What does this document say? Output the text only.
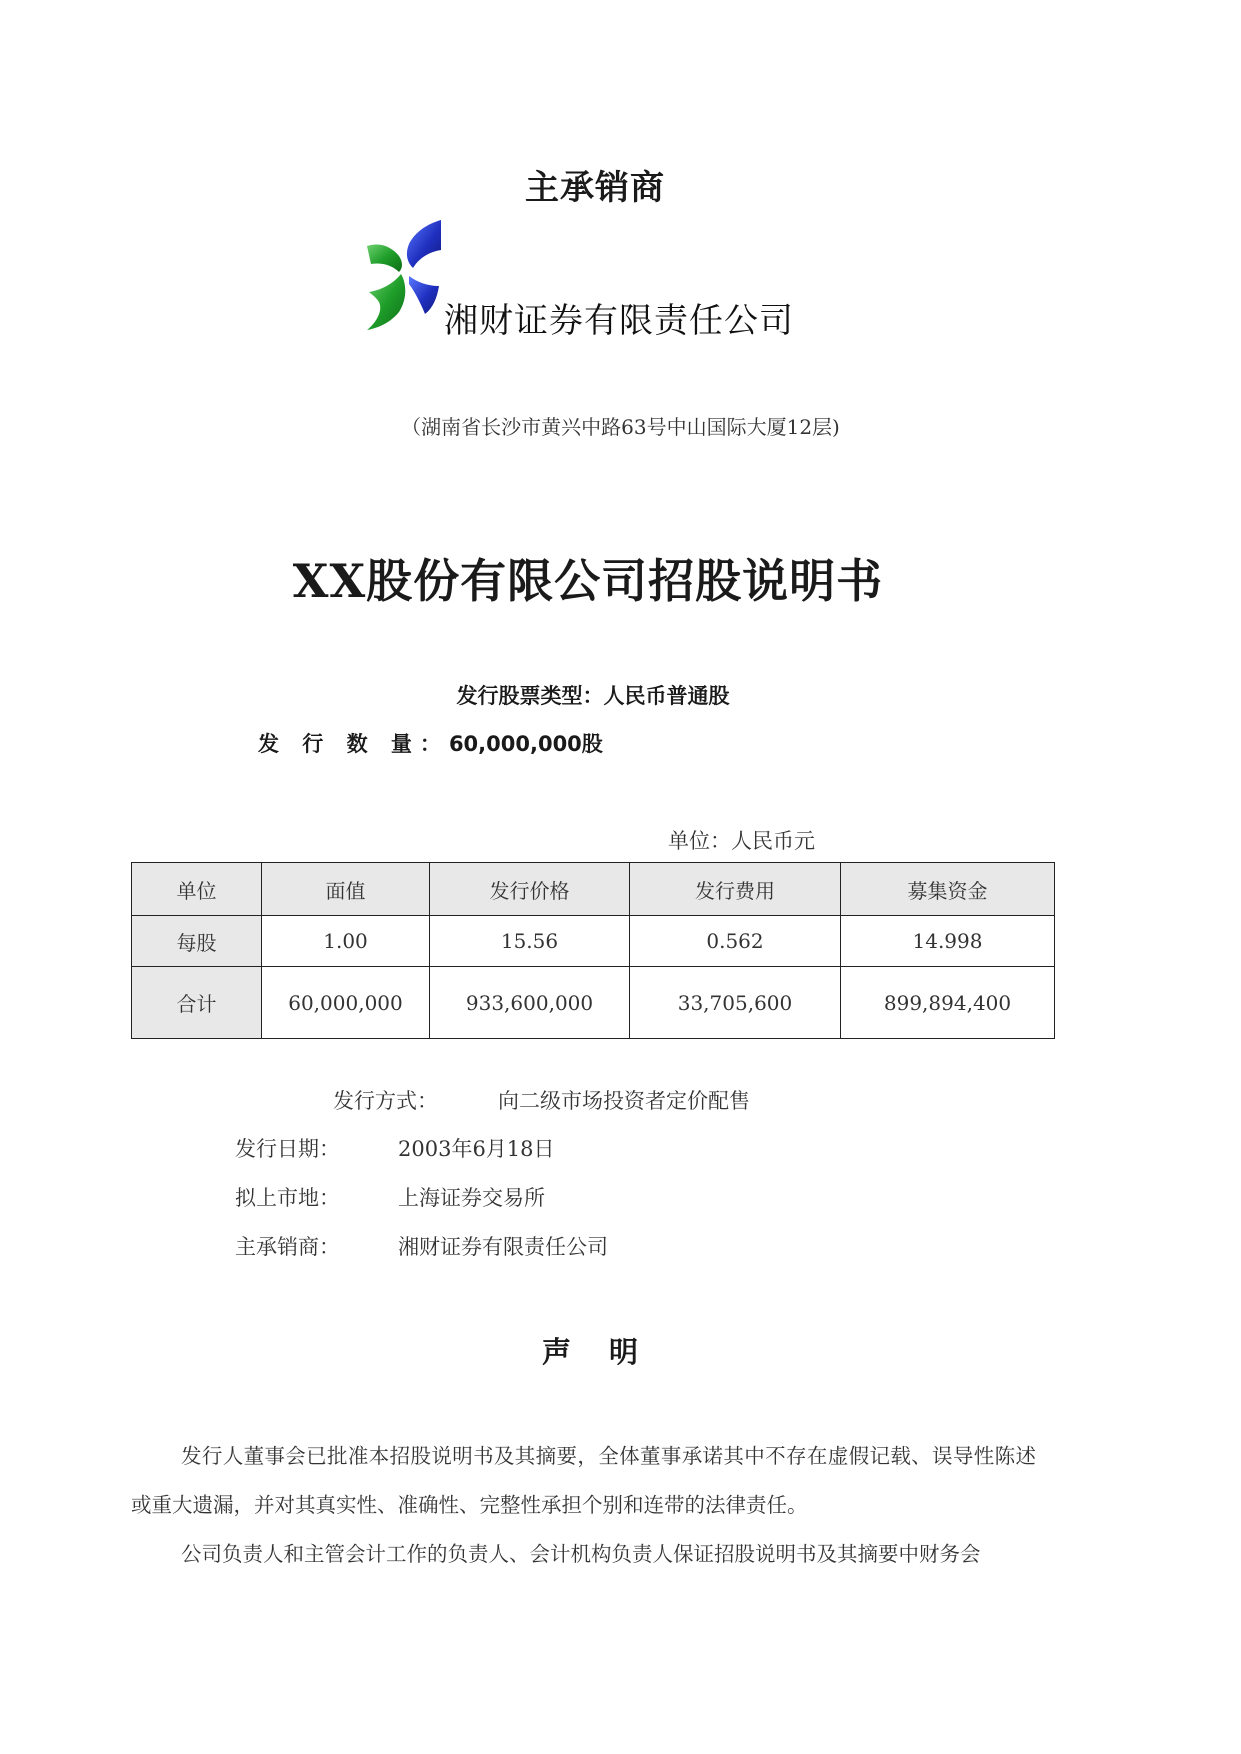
主承销商
湘财证券有限责任公司
（湖南省长沙市黄兴中路63号中山国际大厦12层)
XX股份有限公司招股说明书
发行股票类型：人民币普通股
发 行 数 量：60,000,000股
单位：人民币元
单位	面值	发行价格	发行费用	募集资金
每股	1.00	15.56	0.562	14.998
合计	60,000,000	933,600,000	33,705,600	899,894,400
发行方式：	向二级市场投资者定价配售
发行日期：	2003年6月18日
拟上市地：	上海证券交易所
主承销商：	湘财证券有限责任公司
声 明
发行人董事会已批准本招股说明书及其摘要，全体董事承诺其中不存在虚假记载、误导性陈述或重大遗漏，并对其真实性、准确性、完整性承担个别和连带的法律责任。
公司负责人和主管会计工作的负责人、会计机构负责人保证招股说明书及其摘要中财务会
